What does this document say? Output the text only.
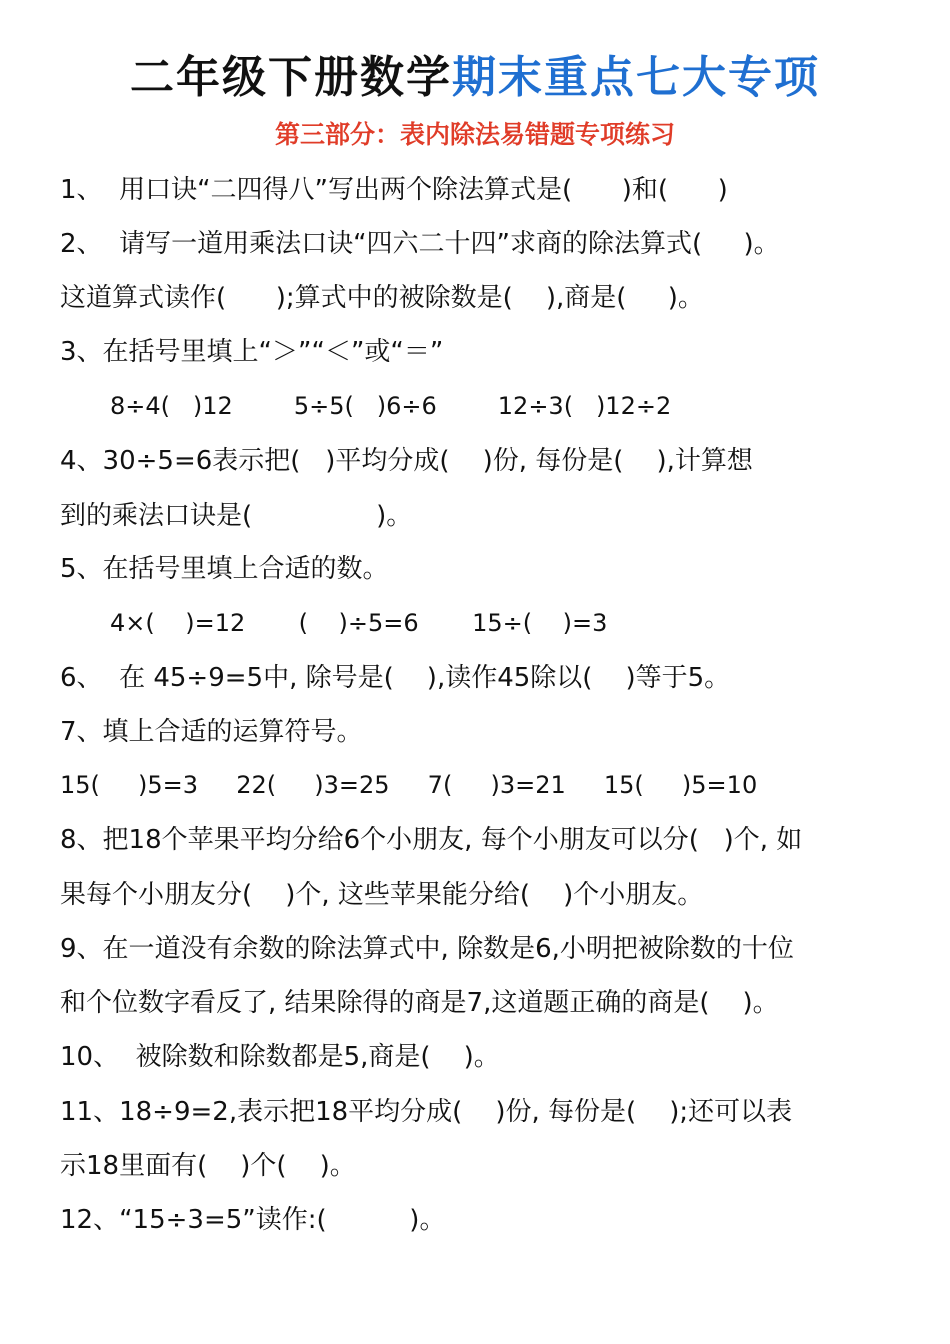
二年级下册数学期末重点七大专项
第三部分：表内除法易错题专项练习
1、  用口诀“二四得八”写出两个除法算式是(      )和(      )
2、  请写一道用乘法口诀“四六二十四”求商的除法算式(     )。
这道算式读作(      );算式中的被除数是(    ),商是(     )。
3、在括号里填上“＞”“＜”或“＝”
8÷4(   )12        5÷5(   )6÷6        12÷3(   )12÷2
4、30÷5=6表示把(   )平均分成(    )份, 每份是(    ),计算想
到的乘法口诀是(               )。
5、在括号里填上合适的数。
4×(    )=12       (    )÷5=6       15÷(    )=3
6、  在 45÷9=5中, 除号是(    ),读作45除以(    )等于5。
7、填上合适的运算符号。
15(     )5=3     22(     )3=25     7(     )3=21     15(     )5=10
8、把18个苹果平均分给6个小朋友, 每个小朋友可以分(   )个, 如
果每个小朋友分(    )个, 这些苹果能分给(    )个小朋友。
9、在一道没有余数的除法算式中, 除数是6,小明把被除数的十位
和个位数字看反了, 结果除得的商是7,这道题正确的商是(    )。
10、  被除数和除数都是5,商是(    )。
11、18÷9=2,表示把18平均分成(    )份, 每份是(    );还可以表
示18里面有(    )个(    )。
12、“15÷3=5”读作:(          )。
